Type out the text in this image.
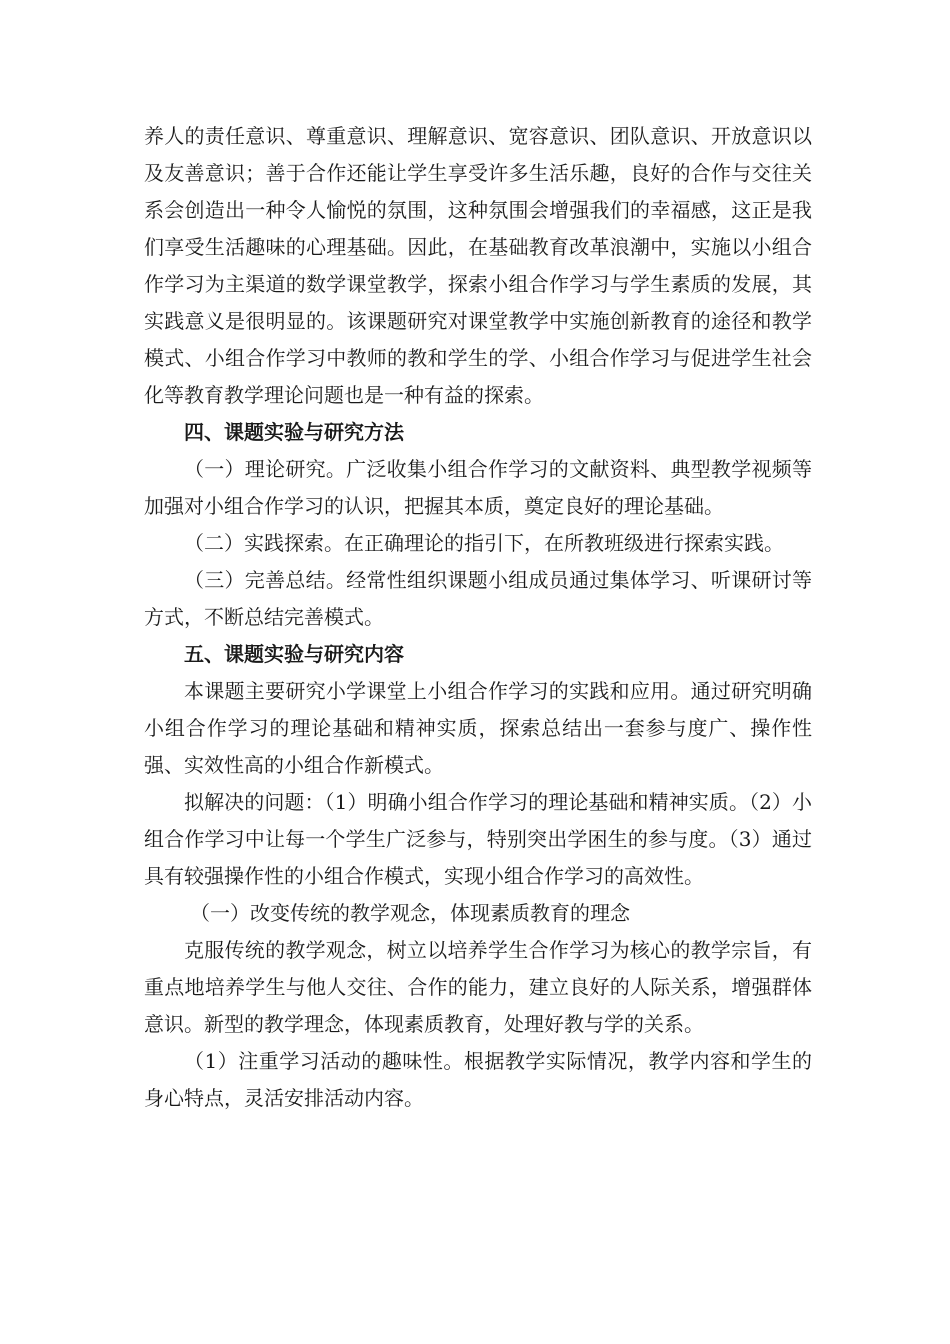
养人的责任意识、尊重意识、理解意识、宽容意识、团队意识、开放意识以及友善意识；善于合作还能让学生享受许多生活乐趣，良好的合作与交往关系会创造出一种令人愉悦的氛围，这种氛围会增强我们的幸福感，这正是我们享受生活趣味的心理基础。因此，在基础教育改革浪潮中，实施以小组合作学习为主渠道的数学课堂教学，探索小组合作学习与学生素质的发展，其实践意义是很明显的。该课题研究对课堂教学中实施创新教育的途径和教学模式、小组合作学习中教师的教和学生的学、小组合作学习与促进学生社会化等教育教学理论问题也是一种有益的探索。

四、课题实验与研究方法

（一）理论研究。广泛收集小组合作学习的文献资料、典型教学视频等加强对小组合作学习的认识，把握其本质，奠定良好的理论基础。

（二）实践探索。在正确理论的指引下，在所教班级进行探索实践。

（三）完善总结。经常性组织课题小组成员通过集体学习、听课研讨等方式，不断总结完善模式。

五、课题实验与研究内容

本课题主要研究小学课堂上小组合作学习的实践和应用。通过研究明确小组合作学习的理论基础和精神实质，探索总结出一套参与度广、操作性强、实效性高的小组合作新模式。

拟解决的问题：（1）明确小组合作学习的理论基础和精神实质。（2）小组合作学习中让每一个学生广泛参与，特别突出学困生的参与度。（3）通过具有较强操作性的小组合作模式，实现小组合作学习的高效性。

（一）改变传统的教学观念，体现素质教育的理念

克服传统的教学观念，树立以培养学生合作学习为核心的教学宗旨，有重点地培养学生与他人交往、合作的能力，建立良好的人际关系，增强群体意识。新型的教学理念，体现素质教育，处理好教与学的关系。

（1）注重学习活动的趣味性。根据教学实际情况，教学内容和学生的身心特点，灵活安排活动内容。
